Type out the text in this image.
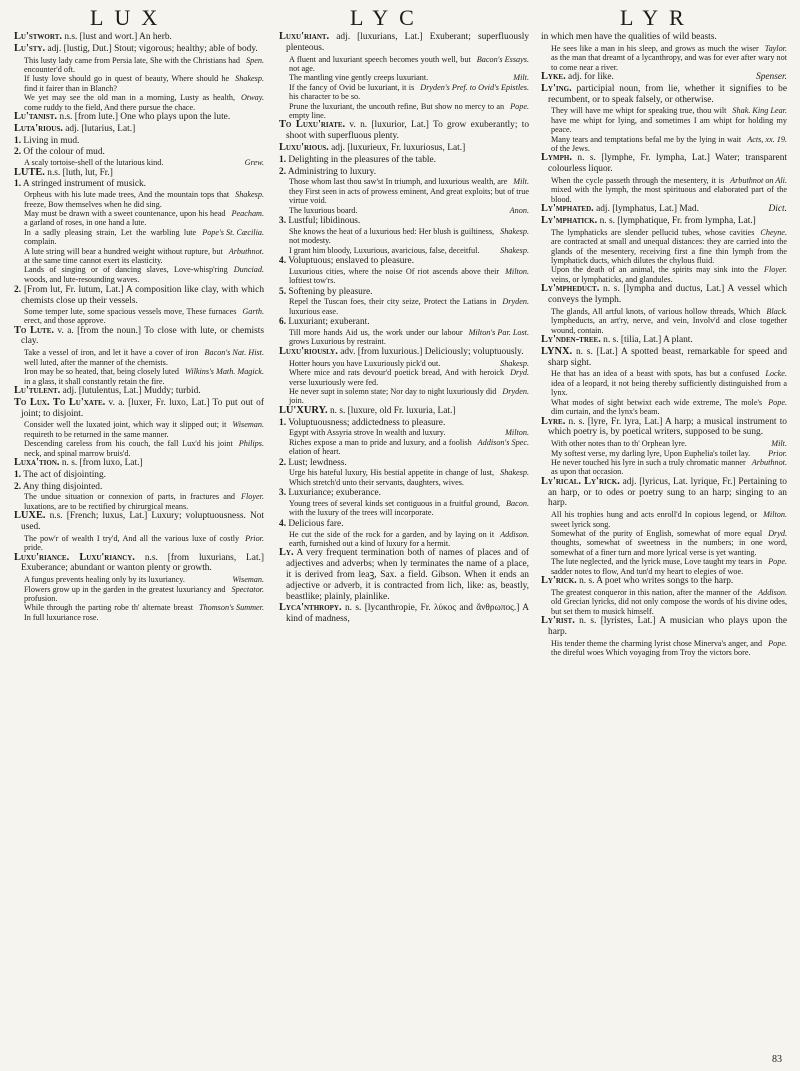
LUX	LYC	LYR

Lu'stwort. n.s. [lust and wort.] An herb.

Lu'sty. adj. [lustig, Dut.] Stout; vigorous; healthy; able of body.

Spen.
This lusty lady came from Persia late, She with the Christians had encounter'd oft.

Shakesp.
If lusty love should go in quest of beauty, Where should he find it fairer than in Blanch?

Otway.
We yet may see the old man in a morning, Lusty as health, come ruddy to the field, And there pursue the chace.

Lu'tanist. n.s. [from lute.] One who plays upon the lute.

Luta'rious. adj. [lutarius, Lat.]

1. Living in mud.

2. Of the colour of mud.

Grew.
A scaly tortoise-shell of the lutarious kind.

LUTE. n.s. [luth, lut, Fr.]

1. A stringed instrument of musick.

Shakesp.
Orpheus with his lute made trees, And the mountain tops that freeze, Bow themselves when he did sing.

Peacham.
May must be drawn with a sweet countenance, upon his head a garland of roses, in one hand a lute.

Pope's St. Cæcilia.
In a sadly pleasing strain, Let the warbling lute complain.

Arbuthnot.
A lute string will bear a hundred weight without rupture, but at the same time cannot exert its elasticity.

Dunciad.
Lands of singing or of dancing slaves, Love-whisp'ring woods, and lute-resounding waves.

2. [From lut, Fr. lutum, Lat.] A composition like clay, with which chemists close up their vessels.

Garth.
Some temper lute, some spacious vessels move, These furnaces erect, and those approve.

To Lute. v. a. [from the noun.] To close with lute, or chemists clay.

Bacon's Nat. Hist.
Take a vessel of iron, and let it have a cover of iron well luted, after the manner of the chemists.

Wilkins's Math. Magick.
Iron may be so heated, that, being closely luted in a glass, it shall constantly retain the fire.

Lu'tulent. adj. [lutulentus, Lat.] Muddy; turbid.

To Lux. To Lu'xate. v. a. [luxer, Fr. luxo, Lat.] To put out of joint; to disjoint.

Wiseman.
Consider well the luxated joint, which way it slipped out; it requireth to be returned in the same manner.

Philips.
Descending careless from his couch, the fall Lux'd his joint neck, and spinal marrow bruis'd.

Luxa'tion. n. s. [from luxo, Lat.]

1. The act of disjointing.

2. Any thing disjointed.

Floyer.
The undue situation or connexion of parts, in fractures and luxations, are to be rectified by chirurgical means.

LUXE. n.s. [French; luxus, Lat.] Luxury; voluptuousness. Not used.

Prior.
The pow'r of wealth I try'd, And all the various luxe of costly pride.

Luxu'riance. Luxu'riancy. n.s. [from luxurians, Lat.] Exuberance; abundant or wanton plenty or growth.

Wiseman.
A fungus prevents healing only by its luxuriancy.

Spectator.
Flowers grow up in the garden in the greatest luxuriancy and profusion.

Thomson's Summer.
While through the parting robe th' alternate breast In full luxuriance rose.

Luxu'riant. adj. [luxurians, Lat.] Exuberant; superfluously plenteous.

Bacon's Essays.
A fluent and luxuriant speech becomes youth well, but not age.

Milt.
The mantling vine gently creeps luxuriant.

Dryden's Pref. to Ovid's Epistles.
If the fancy of Ovid be luxuriant, it is his character to be so.

Pope.
Prune the luxuriant, the uncouth refine, But show no mercy to an empty line.

To Luxu'riate. v. n. [luxurior, Lat.] To grow exuberantly; to shoot with superfluous plenty.

Luxu'rious. adj. [luxurieux, Fr. luxuriosus, Lat.]

1. Delighting in the pleasures of the table.

2. Administring to luxury.

Milt.
Those whom last thou saw'st In triumph, and luxurious wealth, are they First seen in acts of prowess eminent, And great exploits; but of true virtue void.

Anon.
The luxurious board.

3. Lustful; libidinous.

Shakesp.
She knows the heat of a luxurious bed: Her blush is guiltiness, not modesty.

Shakesp.
I grant him bloody, Luxurious, avaricious, false, deceitful.

4. Voluptuous; enslaved to pleasure.

Milton.
Luxurious cities, where the noise Of riot ascends above their loftiest tow'rs.

5. Softening by pleasure.

Dryden.
Repel the Tuscan foes, their city seize, Protect the Latians in luxurious ease.

6. Luxuriant; exuberant.

Milton's Par. Lost.
Till more hands Aid us, the work under our labour grows Luxurious by restraint.

Luxu'riously. adv. [from luxurious.] Deliciously; voluptuously.

Shakesp.
Hotter hours you have Luxuriously pick'd out.

Dryd.
Where mice and rats devour'd poetick bread, And with heroick verse luxuriously were fed.

Dryden.
He never supt in solemn state; Nor day to night luxuriously did join.

LU'XURY. n. s. [luxure, old Fr. luxuria, Lat.]

1. Voluptuousness; addictedness to pleasure.

Milton.
Egypt with Assyria strove In wealth and luxury.

Addison's Spec.
Riches expose a man to pride and luxury, and a foolish elation of heart.

2. Lust; lewdness.

Shakesp.
Urge his hateful luxury, His bestial appetite in change of lust, Which stretch'd unto their servants, daughters, wives.

3. Luxuriance; exuberance.

Bacon.
Young trees of several kinds set contiguous in a fruitful ground, with the luxury of the trees will incorporate.

4. Delicious fare.

Addison.
He cut the side of the rock for a garden, and by laying on it earth, furnished out a kind of luxury for a hermit.

Ly. A very frequent termination both of names of places and of adjectives and adverbs; when ly terminates the name of a place, it is derived from leaꝫ, Sax. a field. Gibson. When it ends an adjective or adverb, it is contracted from lich, like: as, beastly, beastlike; plainly, plainlike.

Lyca'nthropy. n. s. [lycanthropie, Fr. λύκος and ἄνθρωπος.] A kind of madness,

in which men have the qualities of wild beasts.

Taylor.
He sees like a man in his sleep, and grows as much the wiser as the man that dreamt of a lycanthropy, and was for ever after wary not to come near a river.

Lyke. adj. for like.	Spenser.

Ly'ing. participial noun, from lie, whether it signifies to be recumbent, or to speak falsely, or otherwise.

Shak. King Lear.
They will have me whipt for speaking true, thou wilt have me whipt for lying, and sometimes I am whipt for holding my peace.

Acts, xx. 19.
Many tears and temptations befal me by the lying in wait of the Jews.

Lymph. n. s. [lymphe, Fr. lympha, Lat.] Water; transparent colourless liquor.

Arbuthnot on Ali.
When the cycle passeth through the mesentery, it is mixed with the lymph, the most spirituous and elaborated part of the blood.

Ly'mphated. adj. [lymphatus, Lat.] Mad.	Dict.

Ly'mphatick. n. s. [lymphatique, Fr. from lympha, Lat.]

Cheyne.
The lymphaticks are slender pellucid tubes, whose cavities are contracted at small and unequal distances: they are carried into the glands of the mesentery, receiving first a fine thin lymph from the lymphatick ducts, which dilutes the chylous fluid.

Floyer.
Upon the death of an animal, the spirits may sink into the veins, or lymphaticks, and glandules.

Ly'mpheduct. n. s. [lympha and ductus, Lat.] A vessel which conveys the lymph.

Black.
The glands, All artful knots, of various hollow threads, Which lympheducts, an art'ry, nerve, and vein, Involv'd and close together wound, contain.

Ly'nden-tree. n. s. [tilia, Lat.] A plant.

LYNX. n. s. [Lat.] A spotted beast, remarkable for speed and sharp sight.

Locke.
He that has an idea of a beast with spots, has but a confused idea of a leopard, it not being thereby sufficiently distinguished from a lynx.

Pope.
What modes of sight betwixt each wide extreme, The mole's dim curtain, and the lynx's beam.

Lyre. n. s. [lyre, Fr. lyra, Lat.] A harp; a musical instrument to which poetry is, by poetical writers, supposed to be sung.

Milt.
With other notes than to th' Orphean lyre.

Prior.
My softest verse, my darling lyre, Upon Euphelia's toilet lay.

Arbuthnot.
He never touched his lyre in such a truly chromatic manner as upon that occasion.

Ly'rical. Ly'rick. adj. [lyricus, Lat. lyrique, Fr.] Pertaining to an harp, or to odes or poetry sung to an harp; singing to an harp.

Milton.
All his trophies hung and acts enroll'd In copious legend, or sweet lyrick song.

Dryd.
Somewhat of the purity of English, somewhat of more equal thoughts, somewhat of sweetness in the numbers; in one word, somewhat of a finer turn and more lyrical verse is yet wanting.

Pope.
The lute neglected, and the lyrick muse, Love taught my tears in sadder notes to flow, And tun'd my heart to elegies of woe.

Ly'rick. n. s. A poet who writes songs to the harp.

Addison.
The greatest conqueror in this nation, after the manner of the old Grecian lyricks, did not only compose the words of his divine odes, but set them to musick himself.

Ly'rist. n. s. [lyristes, Lat.] A musician who plays upon the harp.

Pope.
His tender theme the charming lyrist chose Minerva's anger, and the direful woes Which voyaging from Troy the victors bore.

83
